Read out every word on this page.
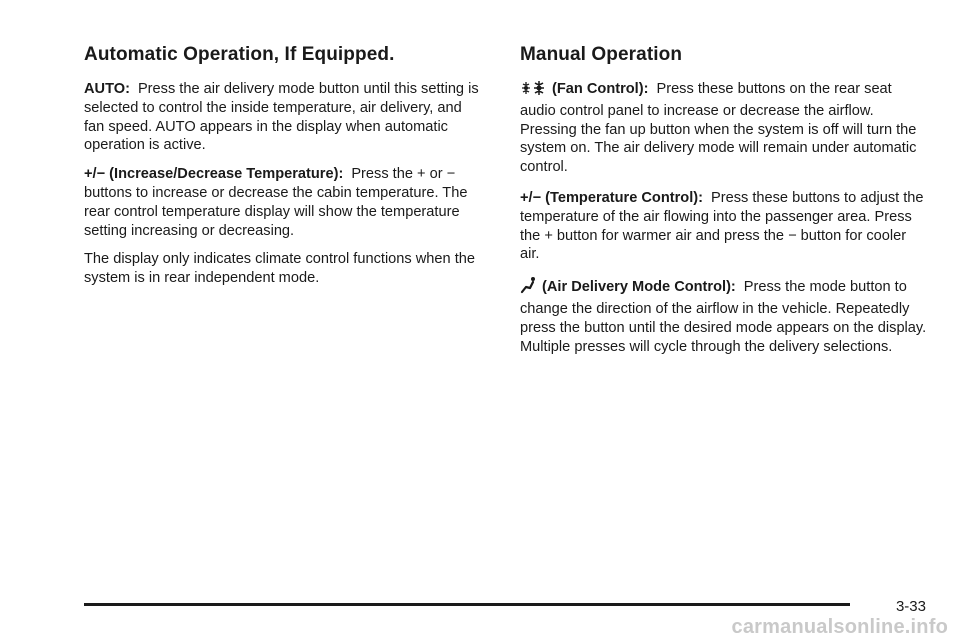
Automatic Operation, If Equipped.

AUTO: Press the air delivery mode button until this setting is selected to control the inside temperature, air delivery, and fan speed. AUTO appears in the display when automatic operation is active.

+/− (Increase/Decrease Temperature): Press the + or − buttons to increase or decrease the cabin temperature. The rear control temperature display will show the temperature setting increasing or decreasing.

The display only indicates climate control functions when the system is in rear independent mode.

Manual Operation

(Fan Control): Press these buttons on the rear seat audio control panel to increase or decrease the airflow. Pressing the fan up button when the system is off will turn the system on. The air delivery mode will remain under automatic control.

+/− (Temperature Control): Press these buttons to adjust the temperature of the air flowing into the passenger area. Press the + button for warmer air and press the − button for cooler air.

(Air Delivery Mode Control): Press the mode button to change the direction of the airflow in the vehicle. Repeatedly press the button until the desired mode appears on the display. Multiple presses will cycle through the delivery selections.

3-33
carmanualsonline.info
